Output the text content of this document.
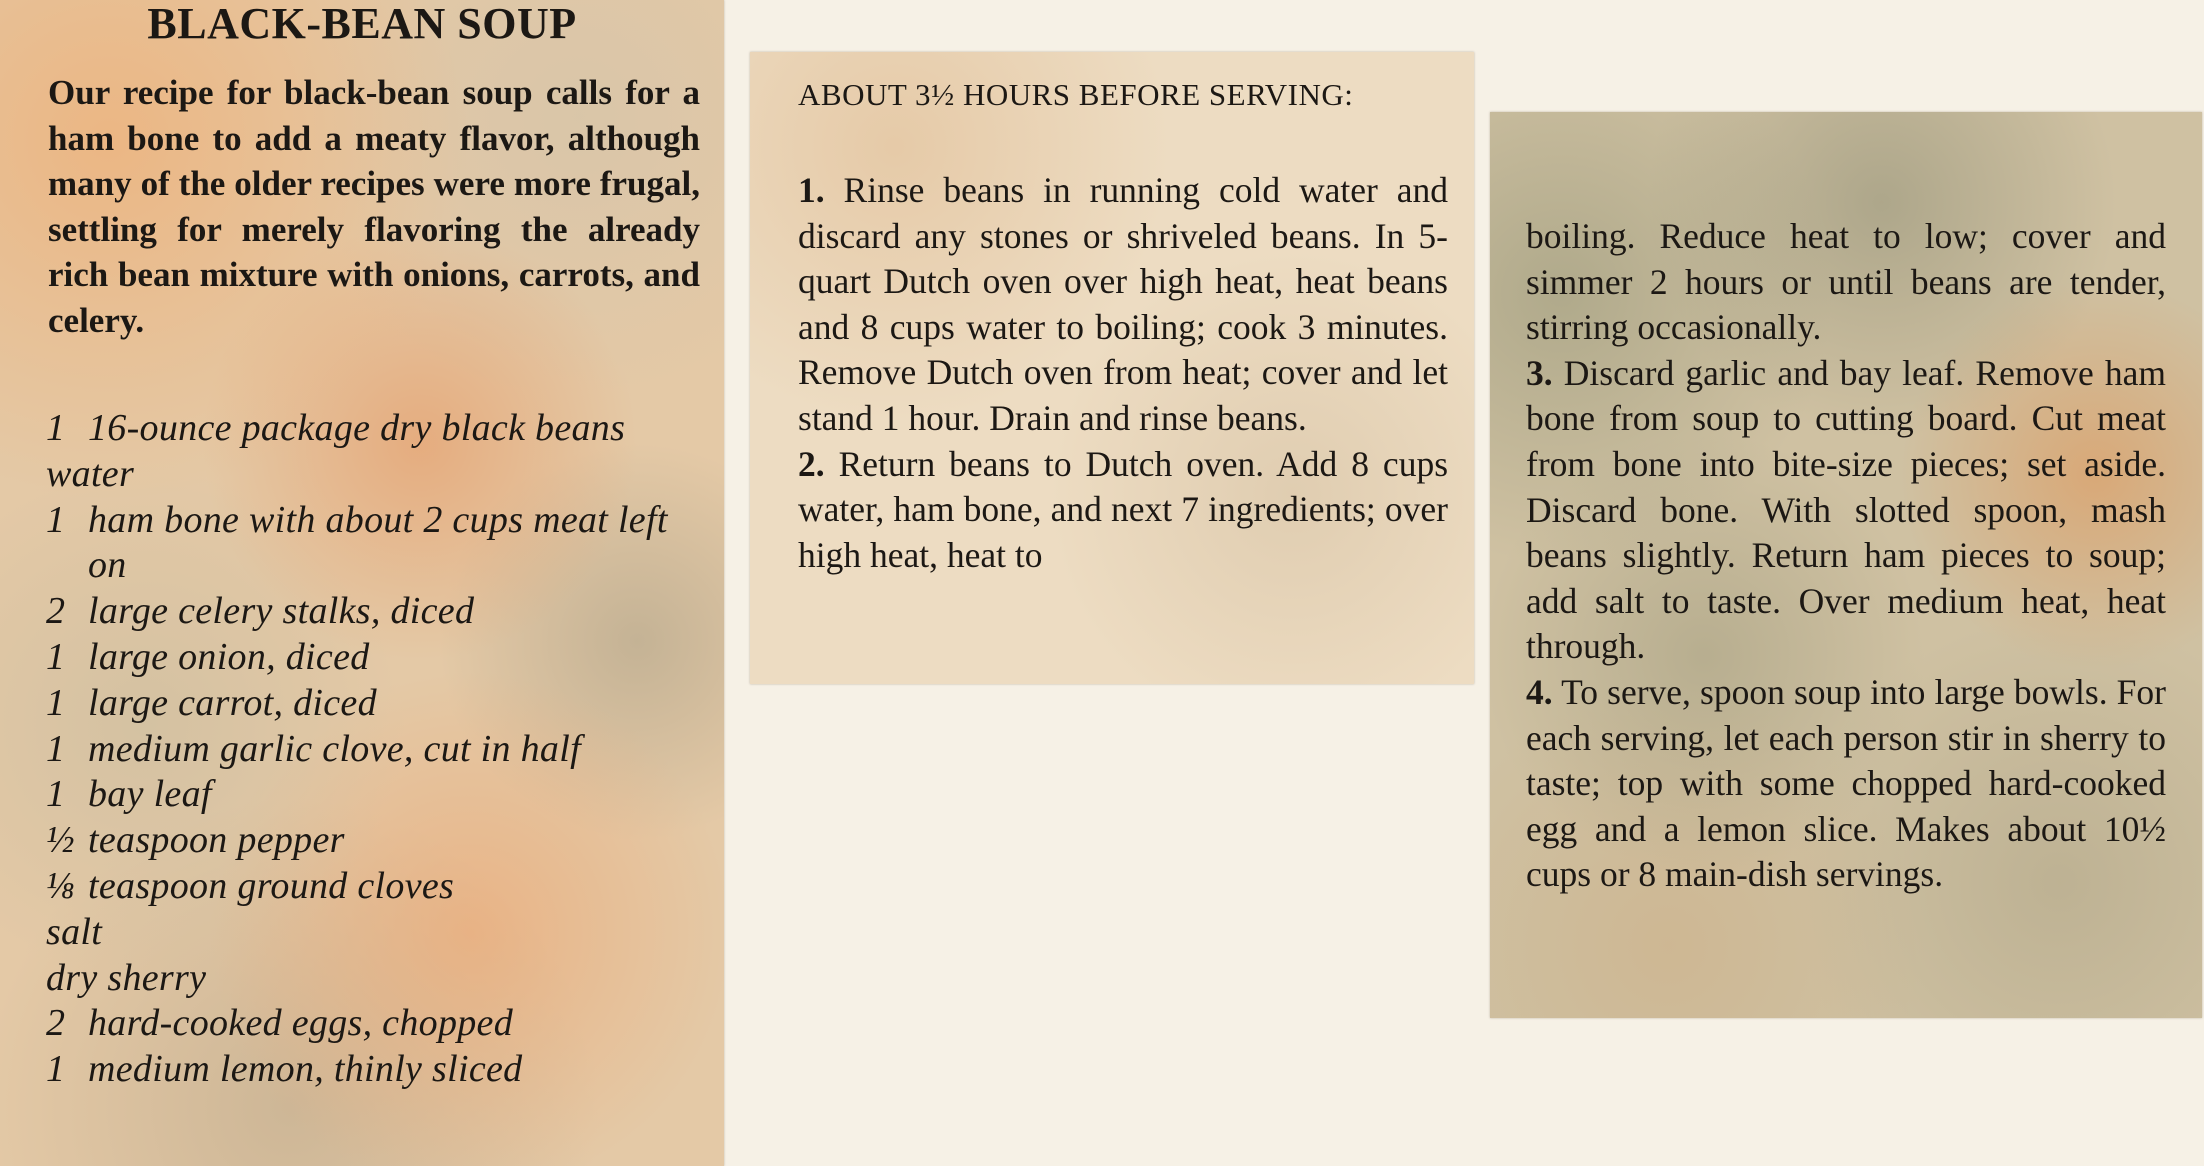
BLACK-BEAN SOUP
Our recipe for black-bean soup calls for a ham bone to add a meaty flavor, although many of the older recipes were more frugal, settling for merely flavoring the already rich bean mixture with onions, carrots, and celery.
1 16-ounce package dry black beans
water
1 ham bone with about 2 cups meat left on
2 large celery stalks, diced
1 large onion, diced
1 large carrot, diced
1 medium garlic clove, cut in half
1 bay leaf
½ teaspoon pepper
⅛ teaspoon ground cloves
salt
dry sherry
2 hard-cooked eggs, chopped
1 medium lemon, thinly sliced
ABOUT 3½ HOURS BEFORE SERVING:

1. Rinse beans in running cold water and discard any stones or shriveled beans. In 5-quart Dutch oven over high heat, heat beans and 8 cups water to boiling; cook 3 minutes. Remove Dutch oven from heat; cover and let stand 1 hour. Drain and rinse beans.

2. Return beans to Dutch oven. Add 8 cups water, ham bone, and next 7 ingredients; over high heat, heat to

boiling. Reduce heat to low; cover and simmer 2 hours or until beans are tender, stirring occasionally.

3. Discard garlic and bay leaf. Remove ham bone from soup to cutting board. Cut meat from bone into bite-size pieces; set aside. Discard bone. With slotted spoon, mash beans slightly. Return ham pieces to soup; add salt to taste. Over medium heat, heat through.

4. To serve, spoon soup into large bowls. For each serving, let each person stir in sherry to taste; top with some chopped hard-cooked egg and a lemon slice. Makes about 10½ cups or 8 main-dish servings.
